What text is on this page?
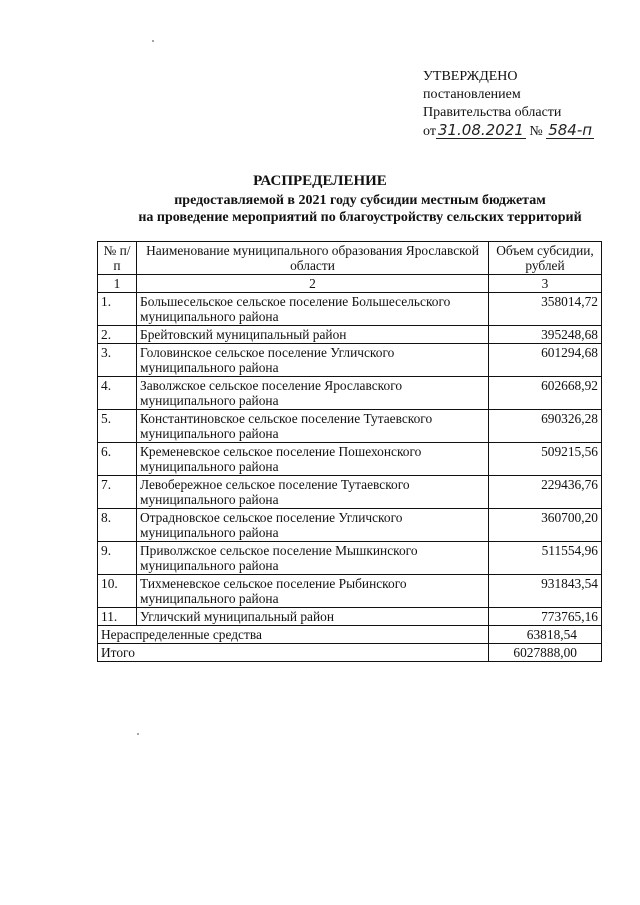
УТВЕРЖДЕНО
постановлением
Правительства области
от 31.08.2021 № 584-п
РАСПРЕДЕЛЕНИЕ
предоставляемой в 2021 году субсидии местным бюджетам
на проведение мероприятий по благоустройству сельских территорий
№ п/п	Наименование муниципального образования Ярославской области	Объем субсидии, рублей
1	2	3
1.	Большесельское сельское поселение Большесельского муниципального района	358014,72
2.	Брейтовский муниципальный район	395248,68
3.	Головинское сельское поселение Угличского муниципального района	601294,68
4.	Заволжское сельское поселение Ярославского муниципального района	602668,92
5.	Константиновское сельское поселение Тутаевского муниципального района	690326,28
6.	Кременевское сельское поселение Пошехонского муниципального района	509215,56
7.	Левобережное сельское поселение Тутаевского муниципального района	229436,76
8.	Отрадновское сельское поселение Угличского муниципального района	360700,20
9.	Приволжское сельское поселение Мышкинского муниципального района	511554,96
10.	Тихменевское сельское поселение Рыбинского муниципального района	931843,54
11.	Угличский муниципальный район	773765,16
Нераспределенные средства		63818,54
Итого		6027888,00
